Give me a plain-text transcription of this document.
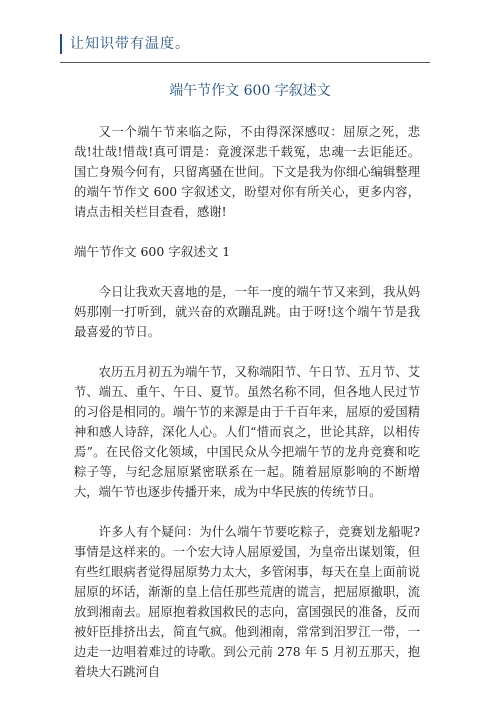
让知识带有温度。
端午节作文 600 字叙述文

又一个端午节来临之际，不由得深深感叹：屈原之死，悲哉!壮哉!惜哉!真可谓是：竟渡深悲千载冤，忠魂一去讵能还。国亡身殒今何有，只留离骚在世间。下文是我为你细心编辑整理的端午节作文 600 字叙述文，盼望对你有所关心，更多内容，请点击相关栏目查看，感谢!

端午节作文 600 字叙述文 1

今日让我欢天喜地的是，一年一度的端午节又来到，我从妈妈那刚一打听到，就兴奋的欢蹦乱跳。由于呀!这个端午节是我最喜爱的节日。

农历五月初五为端午节，又称端阳节、午日节、五月节、艾节、端五、重午、午日、夏节。虽然名称不同，但各地人民过节的习俗是相同的。端午节的来源是由于千百年来，屈原的爱国精神和感人诗辞，深化人心。人们“惜而哀之，世论其辞，以相传焉”。在民俗文化领域，中国民众从今把端午节的龙舟竞赛和吃粽子等，与纪念屈原紧密联系在一起。随着屈原影响的不断增大，端午节也逐步传播开来，成为中华民族的传统节日。

许多人有个疑问：为什么端午节要吃粽子，竞赛划龙船呢?事情是这样来的。一个宏大诗人屈原爱国，为皇帝出谋划策，但有些红眼病者觉得屈原势力太大，多管闲事，每天在皇上面前说屈原的坏话，渐渐的皇上信任那些荒唐的谎言，把屈原撤职，流放到湘南去。屈原抱着救国救民的志向，富国强民的准备，反而被奸臣排挤出去，简直气疯。他到湘南，常常到汨罗江一带，一边走一边唱着难过的诗歌。到公元前 278 年 5 月初五那天，抱着块大石跳河自
